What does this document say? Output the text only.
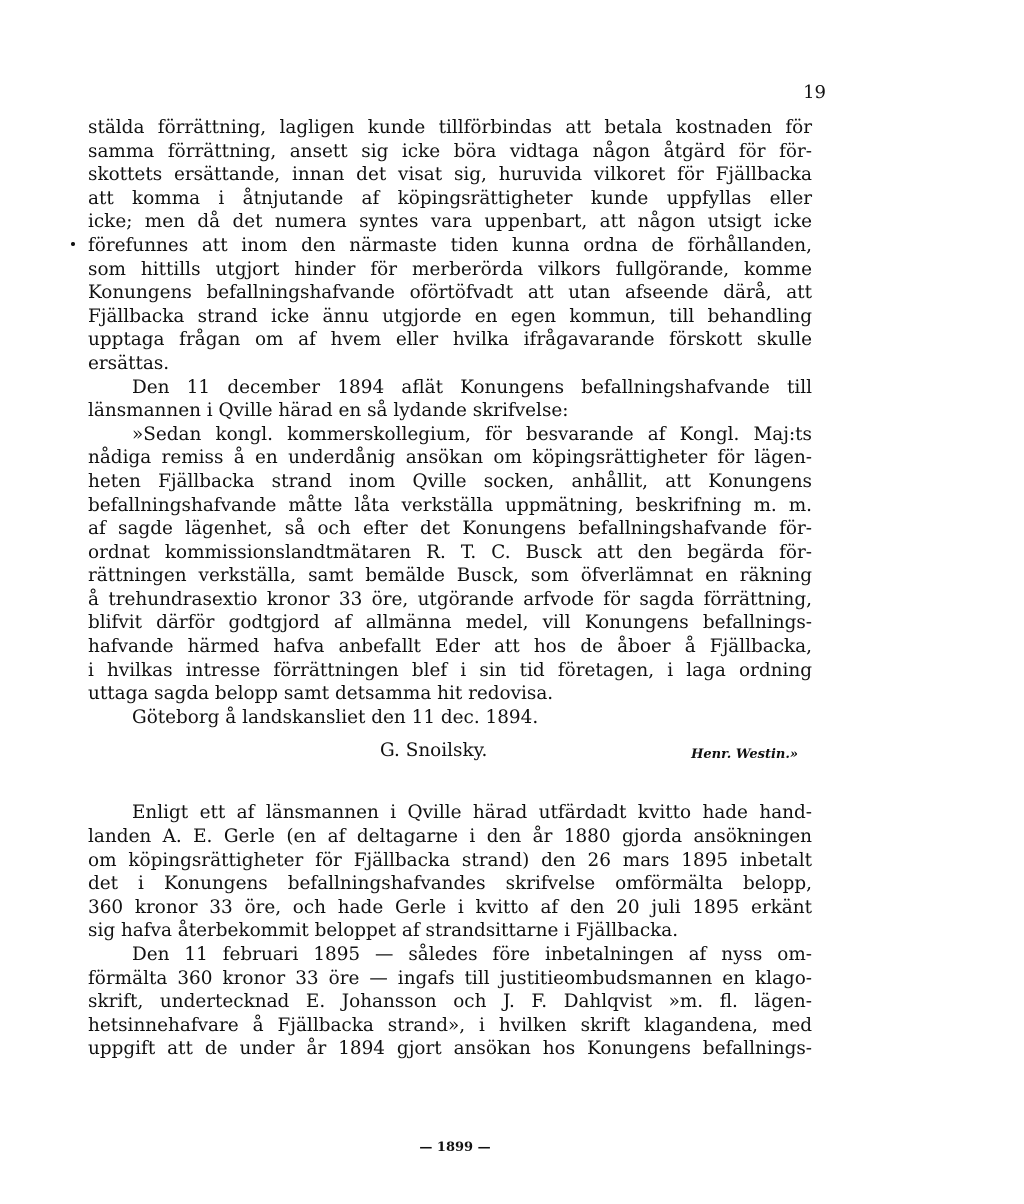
19
stälda förrättning, lagligen kunde tillförbindas att betala kostnaden för
samma förrättning, ansett sig icke böra vidtaga någon åtgärd för för-
skottets ersättande, innan det visat sig, huruvida vilkoret för Fjällbacka
att komma i åtnjutande af köpingsrättigheter kunde uppfyllas eller
icke; men då det numera syntes vara uppenbart, att någon utsigt icke
förefunnes att inom den närmaste tiden kunna ordna de förhållanden,
som hittills utgjort hinder för merberörda vilkors fullgörande, komme
Konungens befallningshafvande oförtöfvadt att utan afseende därå, att
Fjällbacka strand icke ännu utgjorde en egen kommun, till behandling
upptaga frågan om af hvem eller hvilka ifrågavarande förskott skulle
ersättas.
Den 11 december 1894 aflät Konungens befallningshafvande till
länsmannen i Qville härad en så lydande skrifvelse:
»Sedan kongl. kommerskollegium, för besvarande af Kongl. Maj:ts
nådiga remiss å en underdånig ansökan om köpingsrättigheter för lägen-
heten Fjällbacka strand inom Qville socken, anhållit, att Konungens
befallningshafvande måtte låta verkställa uppmätning, beskrifning m. m.
af sagde lägenhet, så och efter det Konungens befallningshafvande för-
ordnat kommissionslandtmätaren R. T. C. Busck att den begärda för-
rättningen verkställa, samt bemälde Busck, som öfverlämnat en räkning
å trehundrasextio kronor 33 öre, utgörande arfvode för sagda förrättning,
blifvit därför godtgjord af allmänna medel, vill Konungens befallnings-
hafvande härmed hafva anbefallt Eder att hos de åboer å Fjällbacka,
i hvilkas intresse förrättningen blef i sin tid företagen, i laga ordning
uttaga sagda belopp samt detsamma hit redovisa.
Göteborg å landskansliet den 11 dec. 1894.
G. Snoilsky.	Henr. Westin.»
Enligt ett af länsmannen i Qville härad utfärdadt kvitto hade hand-
landen A. E. Gerle (en af deltagarne i den år 1880 gjorda ansökningen
om köpingsrättigheter för Fjällbacka strand) den 26 mars 1895 inbetalt
det i Konungens befallningshafvandes skrifvelse omförmälta belopp,
360 kronor 33 öre, och hade Gerle i kvitto af den 20 juli 1895 erkänt
sig hafva återbekommit beloppet af strandsittarne i Fjällbacka.
Den 11 februari 1895 — således före inbetalningen af nyss om-
förmälta 360 kronor 33 öre — ingafs till justitieombudsmannen en klago-
skrift, undertecknad E. Johansson och J. F. Dahlqvist »m. fl. lägen-
hetsinnehafvare å Fjällbacka strand», i hvilken skrift klagandena, med
uppgift att de under år 1894 gjort ansökan hos Konungens befallnings-
— 1899 —
